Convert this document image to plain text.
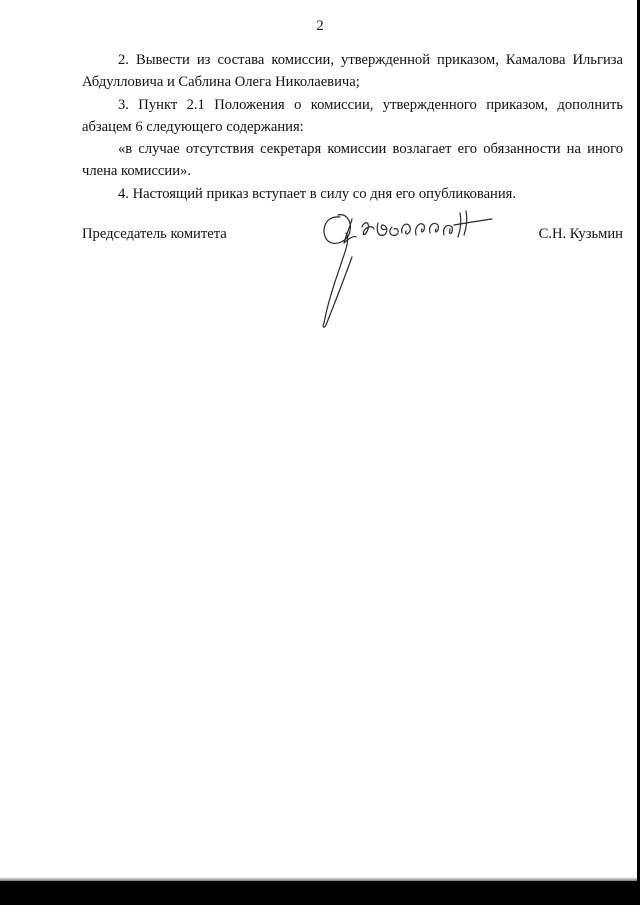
2

2. Вывести из состава комиссии, утвержденной приказом, Камалова Ильгиза Абдулловича и Саблина Олега Николаевича;

3. Пункт 2.1 Положения о комиссии, утвержденного приказом, дополнить абзацем 6 следующего содержания:

«в случае отсутствия секретаря комиссии возлагает его обязанности на иного члена комиссии».

4. Настоящий приказ вступает в силу со дня его опубликования.

Председатель комитета	С.Н. Кузьмин
